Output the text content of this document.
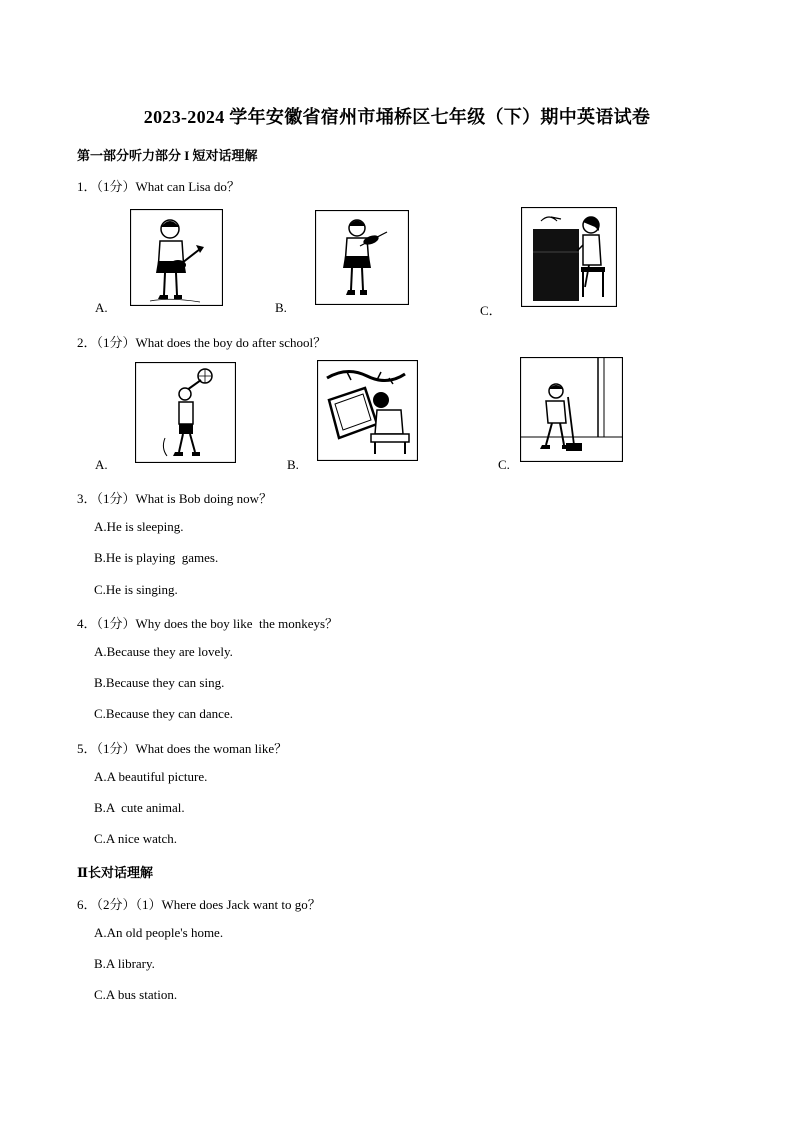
2023-2024 学年安徽省宿州市埇桥区七年级（下）期中英语试卷
第一部分听力部分 I 短对话理解
1．（1分）What can Lisa do？
A.	B.	C．
2．（1分）What does the boy do after school？
A.	B.	C.
3．（1分）What is Bob doing now？
A.He is sleeping.
B.He is playing  games.
C.He is singing.
4．（1分）Why does the boy like  the monkeys？
A.Because they are lovely.
B.Because they can sing.
C.Because they can dance.
5．（1分）What does the woman like？
A.A beautiful picture.
B.A  cute animal.
C.A nice watch.
Ⅱ长对话理解
6．（2分）（1）Where does Jack want to go？
A.An old people's home.
B.A library.
C.A bus station.
